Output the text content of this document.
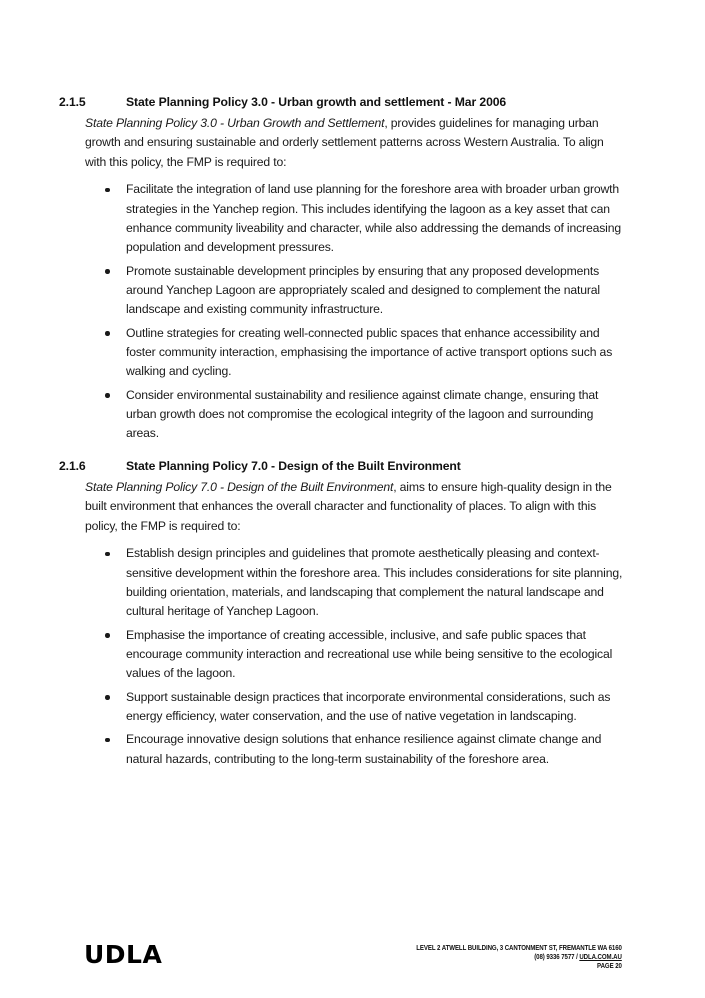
2.1.5	State Planning Policy 3.0 - Urban growth and settlement - Mar 2006
State Planning Policy 3.0 - Urban Growth and Settlement, provides guidelines for managing urban growth and ensuring sustainable and orderly settlement patterns across Western Australia. To align with this policy, the FMP is required to:
Facilitate the integration of land use planning for the foreshore area with broader urban growth strategies in the Yanchep region. This includes identifying the lagoon as a key asset that can enhance community liveability and character, while also addressing the demands of increasing population and development pressures.
Promote sustainable development principles by ensuring that any proposed developments around Yanchep Lagoon are appropriately scaled and designed to complement the natural landscape and existing community infrastructure.
Outline strategies for creating well-connected public spaces that enhance accessibility and foster community interaction, emphasising the importance of active transport options such as walking and cycling.
Consider environmental sustainability and resilience against climate change, ensuring that urban growth does not compromise the ecological integrity of the lagoon and surrounding areas.
2.1.6	State Planning Policy 7.0 - Design of the Built Environment
State Planning Policy 7.0 - Design of the Built Environment, aims to ensure high-quality design in the built environment that enhances the overall character and functionality of places. To align with this policy, the FMP is required to:
Establish design principles and guidelines that promote aesthetically pleasing and context-sensitive development within the foreshore area. This includes considerations for site planning, building orientation, materials, and landscaping that complement the natural landscape and cultural heritage of Yanchep Lagoon.
Emphasise the importance of creating accessible, inclusive, and safe public spaces that encourage community interaction and recreational use while being sensitive to the ecological values of the lagoon.
Support sustainable design practices that incorporate environmental considerations, such as energy efficiency, water conservation, and the use of native vegetation in landscaping.
Encourage innovative design solutions that enhance resilience against climate change and natural hazards, contributing to the long-term sustainability of the foreshore area.
UDLA	LEVEL 2 ATWELL BUILDING, 3 CANTONMENT ST, FREMANTLE WA 6160
(08) 9336 7577 / UDLA.COM.AU
PAGE 20
